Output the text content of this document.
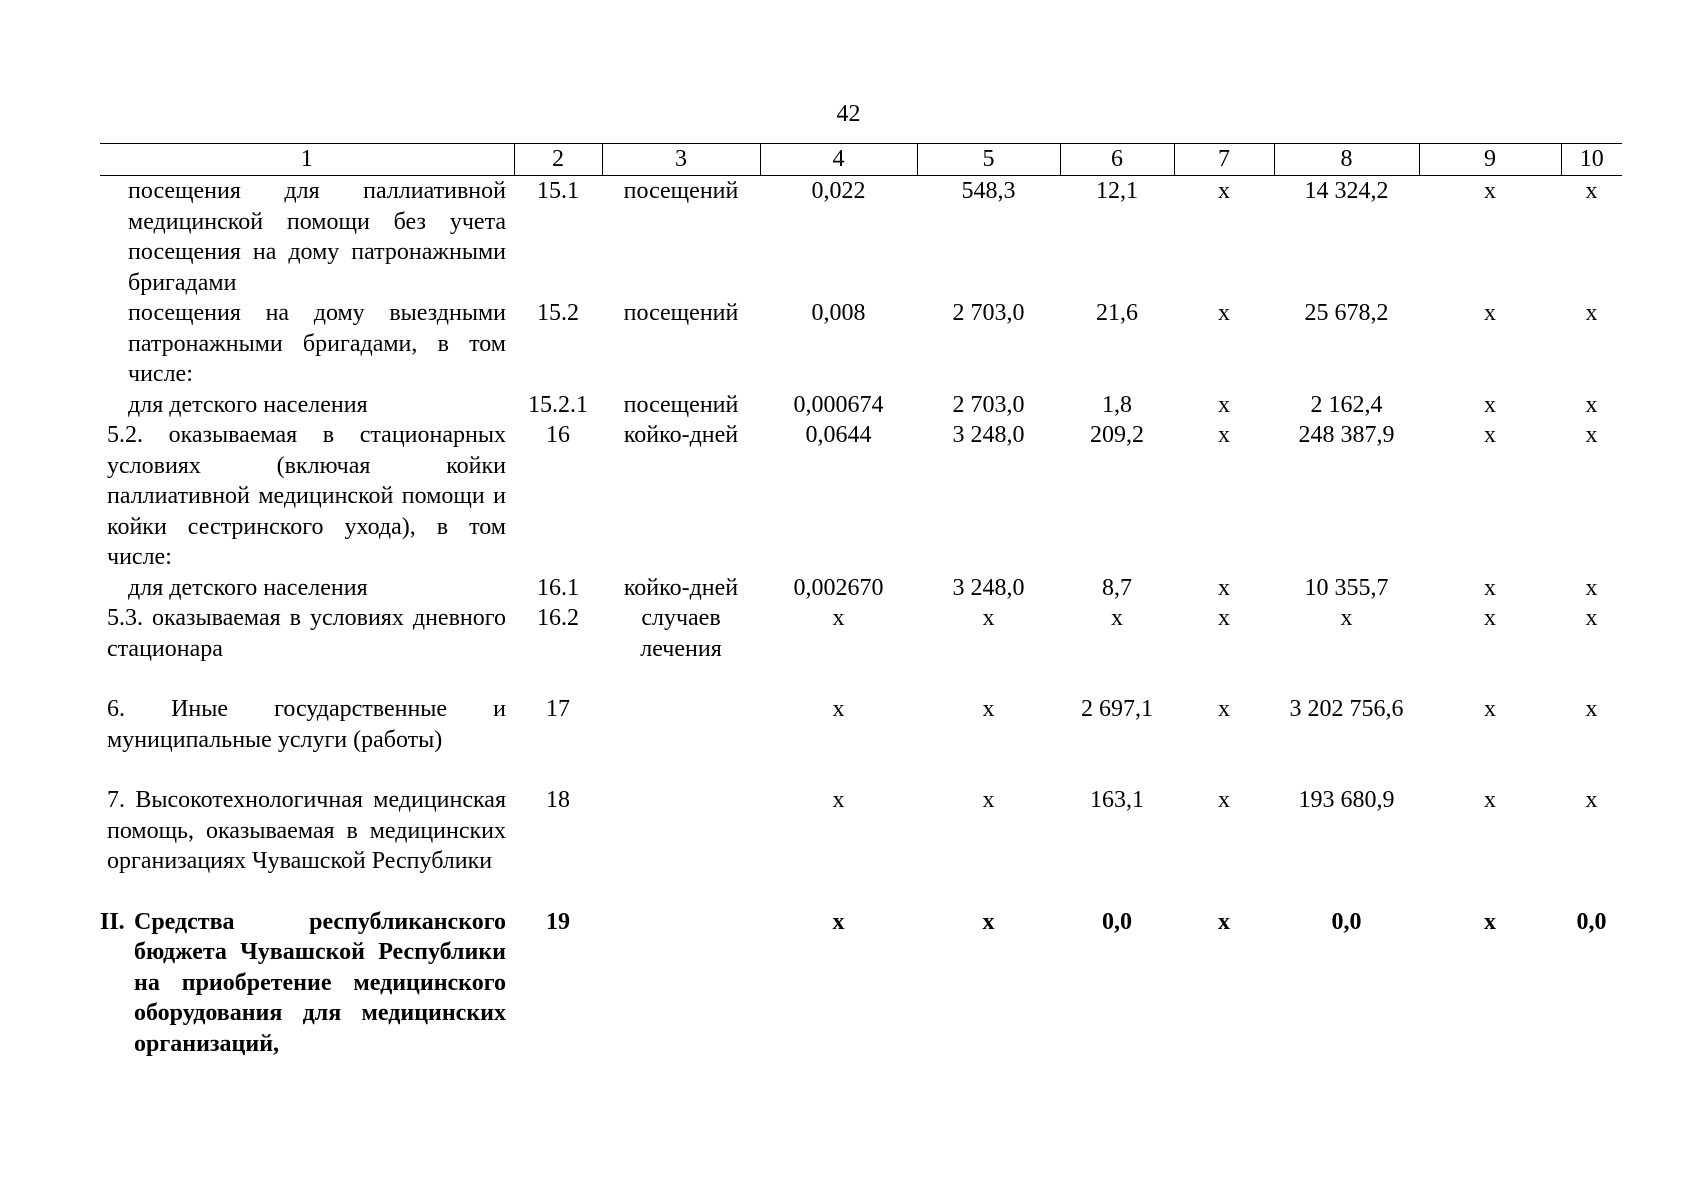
42
1	2	3	4	5	6	7	8	9	10
посещения для паллиативной медицинской помощи без учета посещения на дому патронажными бригадами	15.1	посещений	0,022	548,3	12,1	х	14 324,2	х	х
посещения на дому выездными патронажными бригадами, в том числе:	15.2	посещений	0,008	2 703,0	21,6	х	25 678,2	х	х
для детского населения	15.2.1	посещений	0,000674	2 703,0	1,8	х	2 162,4	х	х
5.2. оказываемая в стационарных условиях (включая койки паллиативной медицинской помощи и койки сестринского ухода), в том числе:	16	койко-дней	0,0644	3 248,0	209,2	х	248 387,9	х	х
для детского населения	16.1	койко-дней	0,002670	3 248,0	8,7	х	10 355,7	х	х
5.3. оказываемая в условиях дневного стационара	16.2	случаев лечения	х	х	х	х	х	х	х
6. Иные государственные и муниципальные услуги (работы)	17		х	х	2 697,1	х	3 202 756,6	х	х
7. Высокотехнологичная медицинская помощь, оказываемая в медицинских организациях Чувашской Республики	18		х	х	163,1	х	193 680,9	х	х

II. Средства республиканского бюджета Чувашской Республики на приобретение медицинского оборудования для медицинских организаций,	19		х	х	0,0	х	0,0	х	0,0
